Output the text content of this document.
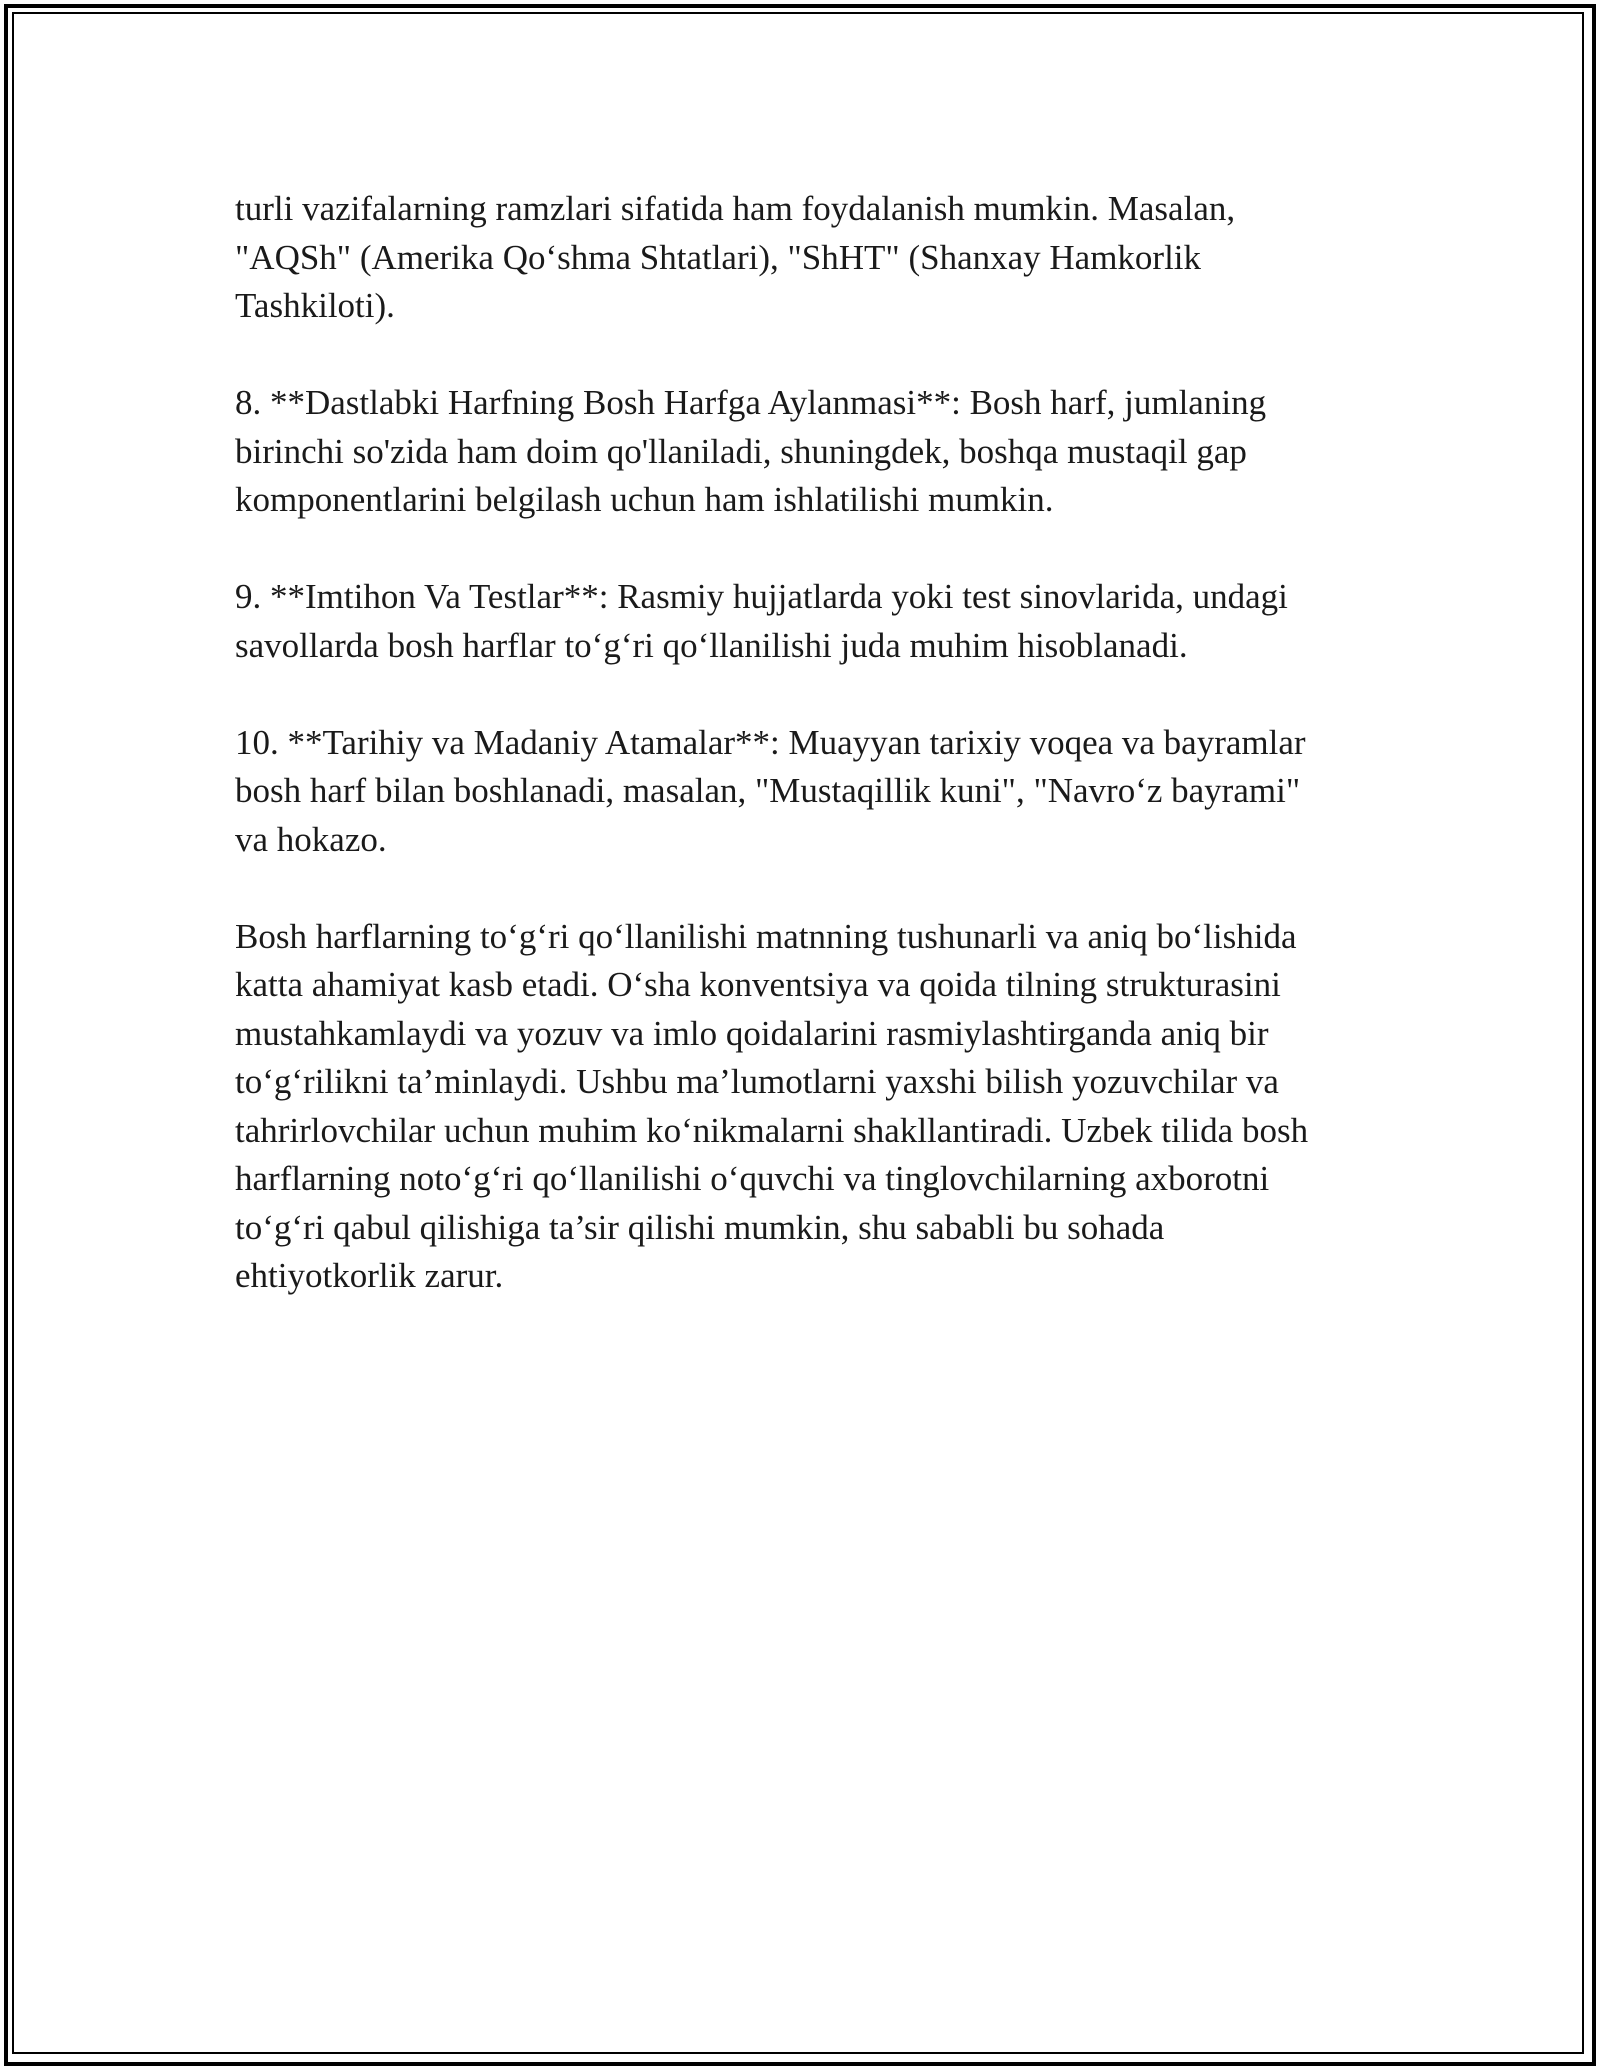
turli vazifalarning ramzlari sifatida ham foydalanish mumkin. Masalan,
"AQSh" (Amerika Qo‘shma Shtatlari), "ShHT" (Shanxay Hamkorlik
Tashkiloti).

8. **Dastlabki Harfning Bosh Harfga Aylanmasi**: Bosh harf, jumlaning
birinchi so'zida ham doim qo'llaniladi, shuningdek, boshqa mustaqil gap
komponentlarini belgilash uchun ham ishlatilishi mumkin.

9. **Imtihon Va Testlar**: Rasmiy hujjatlarda yoki test sinovlarida, undagi
savollarda bosh harflar to‘g‘ri qo‘llanilishi juda muhim hisoblanadi.

10. **Tarihiy va Madaniy Atamalar**: Muayyan tarixiy voqea va bayramlar
bosh harf bilan boshlanadi, masalan, "Mustaqillik kuni", "Navro‘z bayrami"
va hokazo.

Bosh harflarning to‘g‘ri qo‘llanilishi matnning tushunarli va aniq bo‘lishida
katta ahamiyat kasb etadi. O‘sha konventsiya va qoida tilning strukturasini
mustahkamlaydi va yozuv va imlo qoidalarini rasmiylashtirganda aniq bir
to‘g‘rilikni ta’minlaydi. Ushbu ma’lumotlarni yaxshi bilish yozuvchilar va
tahrirlovchilar uchun muhim ko‘nikmalarni shakllantiradi. Uzbek tilida bosh
harflarning noto‘g‘ri qo‘llanilishi o‘quvchi va tinglovchilarning axborotni
to‘g‘ri qabul qilishiga ta’sir qilishi mumkin, shu sababli bu sohada
ehtiyotkorlik zarur.
